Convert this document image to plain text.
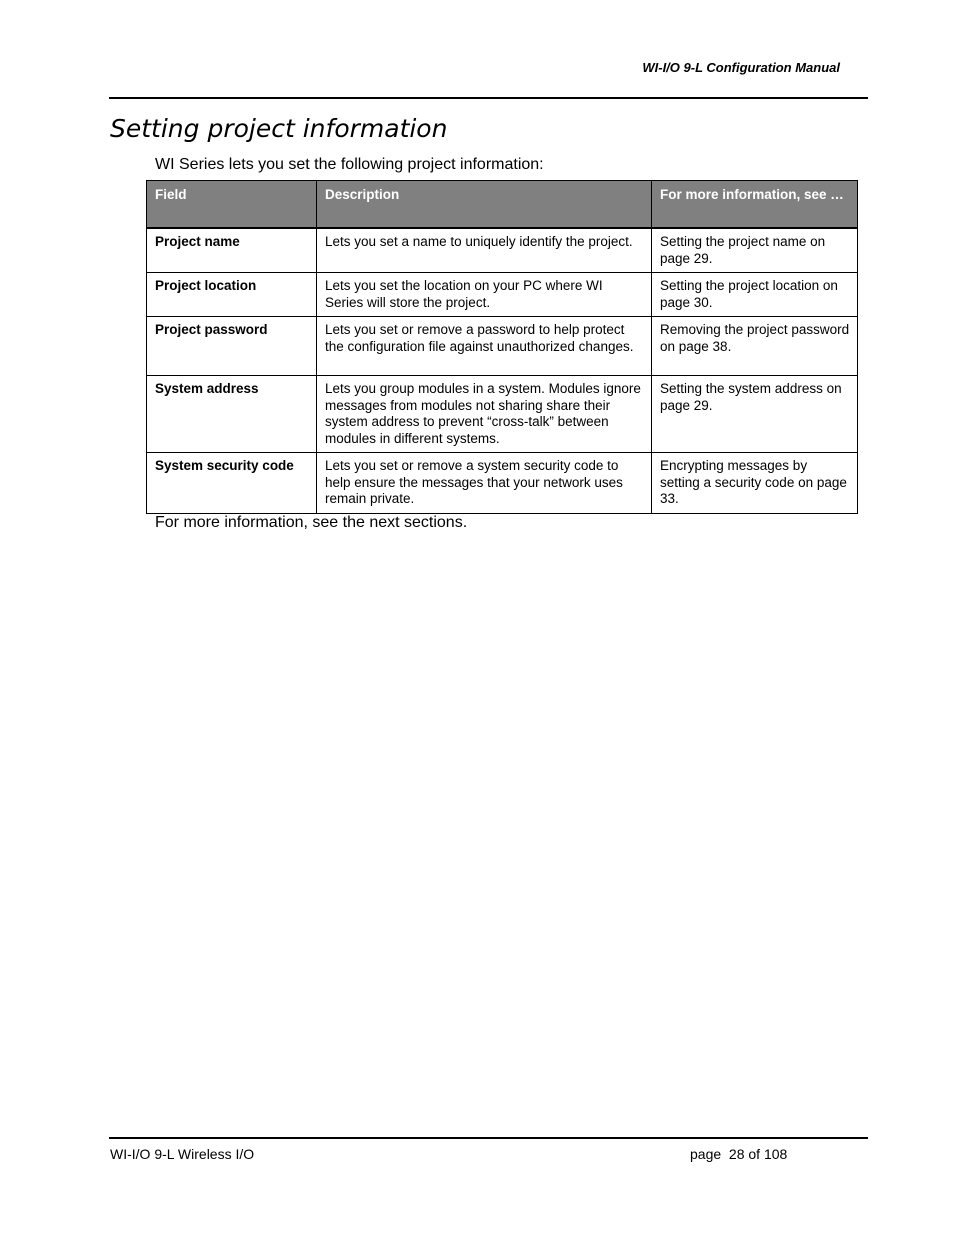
WI-I/O 9-L Configuration Manual
Setting project information
WI Series lets you set the following project information:
Field	Description	For more information, see …
Project name	Lets you set a name to uniquely identify the project.	Setting the project name on page 29.
Project location	Lets you set the location on your PC where WI Series will store the project.	Setting the project location on page 30.
Project password	Lets you set or remove a password to help protect the configuration file against unauthorized changes.	Removing the project password on page 38.
System address	Lets you group modules in a system. Modules ignore messages from modules not sharing share their system address to prevent “cross-talk” between modules in different systems.	Setting the system address on page 29.
System security code	Lets you set or remove a system security code to help ensure the messages that your network uses remain private.	Encrypting messages by setting a security code on page 33.
For more information, see the next sections.
WI-I/O 9-L Wireless I/O	page  28 of 108
